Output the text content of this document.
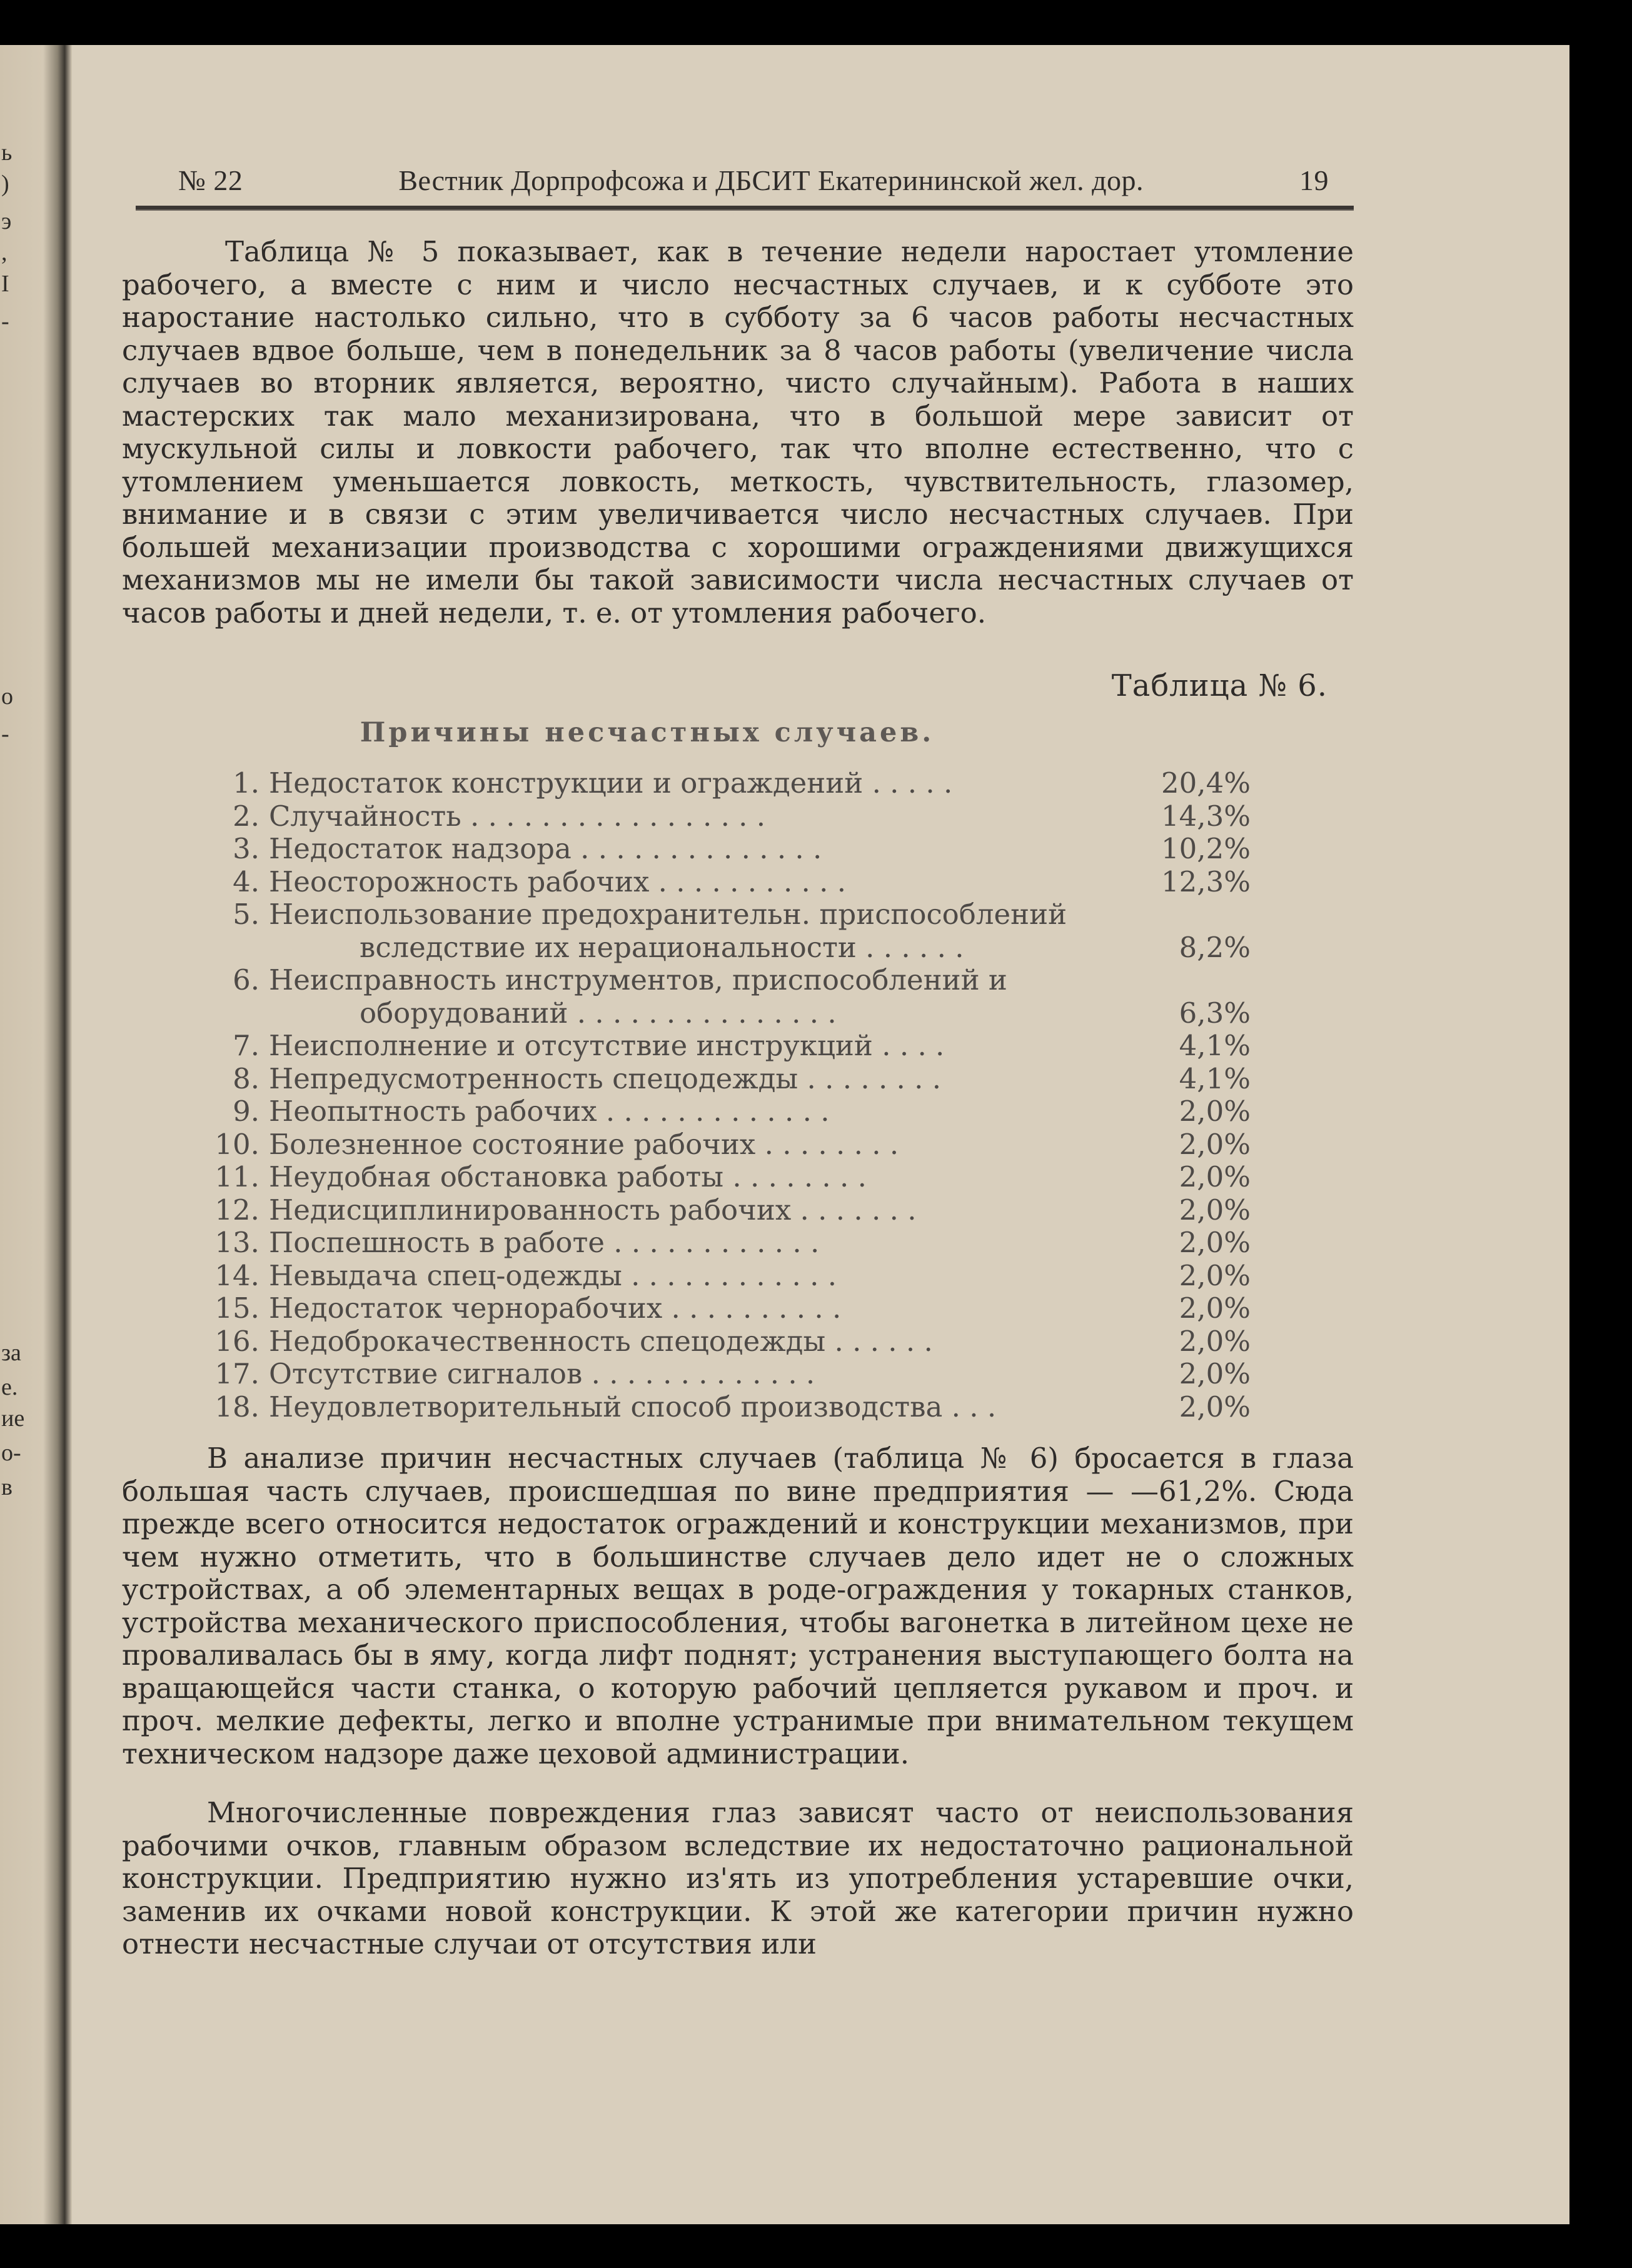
ь
)
э
,
I
-
о
-
за
е.
ие
о-
в
№ 22	Вестник Дорпрофсожа и ДБСИТ Екатерининской жел. дор.	19

Таблица № 5 показывает, как в течение недели наростает утомление рабочего, а вместе с ним и число несчастных случаев, и к субботе это наростание настолько сильно, что в субботу за 6 часов работы несчастных случаев вдвое больше, чем в понедельник за 8 часов работы (увеличение числа случаев во вторник является, вероятно, чисто случайным). Работа в наших мастерских так мало механизирована, что в большой мере зависит от мускульной силы и ловкости рабочего, так что вполне естественно, что с утомлением уменьшается ловкость, меткость, чувствительность, глазомер, внимание и в связи с этим увеличивается число несчастных случаев. При большей механизации производства с хорошими ограждениями движущихся механизмов мы не имели бы такой зависимости числа несчастных случаев от часов работы и дней недели, т. е. от утомления рабочего.

Таблица № 6.
Причины несчастных случаев.
1. Недостаток конструкции и ограждений . . . . .	20,4%
2. Случайность . . . . . . . . . . . . . . . . .	14,3%
3. Недостаток надзора . . . . . . . . . . . . . .	10,2%
4. Неосторожность рабочих . . . . . . . . . . .	12,3%
5. Неиспользование предохранительн. приспособлений
вследствие их нерациональности . . . . . .	8,2%
6. Неисправность инструментов, приспособлений и
оборудований . . . . . . . . . . . . . . .	6,3%
7. Неисполнение и отсутствие инструкций . . . .	4,1%
8. Непредусмотренность спецодежды . . . . . . . .	4,1%
9. Неопытность рабочих . . . . . . . . . . . . .	2,0%
10. Болезненное состояние рабочих . . . . . . . .	2,0%
11. Неудобная обстановка работы . . . . . . . .	2,0%
12. Недисциплинированность рабочих . . . . . . .	2,0%
13. Поспешность в работе . . . . . . . . . . . .	2,0%
14. Невыдача спец-одежды . . . . . . . . . . . .	2,0%
15. Недостаток чернорабочих . . . . . . . . . .	2,0%
16. Недоброкачественность спецодежды . . . . . .	2,0%
17. Отсутствие сигналов . . . . . . . . . . . . .	2,0%
18. Неудовлетворительный способ производства . . .	2,0%

В анализе причин несчастных случаев (таблица № 6) бросается в глаза большая часть случаев, происшедшая по вине предприятия — —61,2%. Сюда прежде всего относится недостаток ограждений и конструкции механизмов, при чем нужно отметить, что в большинстве случаев дело идет не о сложных устройствах, а об элементарных вещах в роде-ограждения у токарных станков, устройства механического приспособления, чтобы вагонетка в литейном цехе не проваливалась бы в яму, когда лифт поднят; устранения выступающего болта на вращающейся части станка, о которую рабочий цепляется рукавом и проч. и проч. мелкие дефекты, легко и вполне устранимые при внимательном текущем техническом надзоре даже цеховой администрации.

Многочисленные повреждения глаз зависят часто от неиспользования рабочими очков, главным образом вследствие их недостаточно рациональной конструкции. Предприятию нужно из'ять из употребления устаревшие очки, заменив их очками новой конструкции. К этой же категории причин нужно отнести несчастные случаи от отсутствия или
